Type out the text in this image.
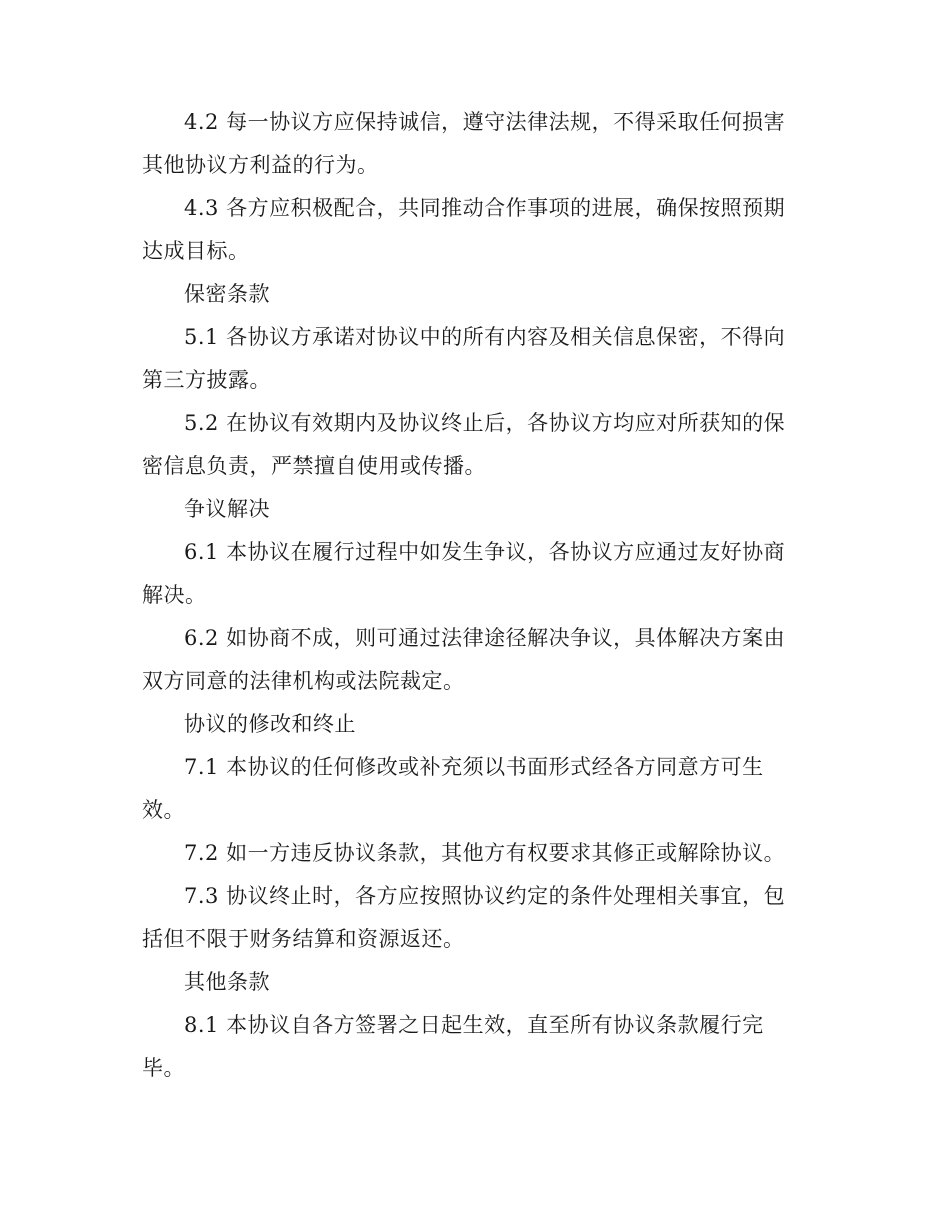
4.2 每一协议方应保持诚信，遵守法律法规，不得采取任何损害其他协议方利益的行为。

4.3 各方应积极配合，共同推动合作事项的进展，确保按照预期达成目标。

保密条款

5.1 各协议方承诺对协议中的所有内容及相关信息保密，不得向第三方披露。

5.2 在协议有效期内及协议终止后，各协议方均应对所获知的保密信息负责，严禁擅自使用或传播。

争议解决

6.1 本协议在履行过程中如发生争议，各协议方应通过友好协商解决。

6.2 如协商不成，则可通过法律途径解决争议，具体解决方案由双方同意的法律机构或法院裁定。

协议的修改和终止

7.1 本协议的任何修改或补充须以书面形式经各方同意方可生效。

7.2 如一方违反协议条款，其他方有权要求其修正或解除协议。

7.3 协议终止时，各方应按照协议约定的条件处理相关事宜，包括但不限于财务结算和资源返还。

其他条款

8.1 本协议自各方签署之日起生效，直至所有协议条款履行完毕。
